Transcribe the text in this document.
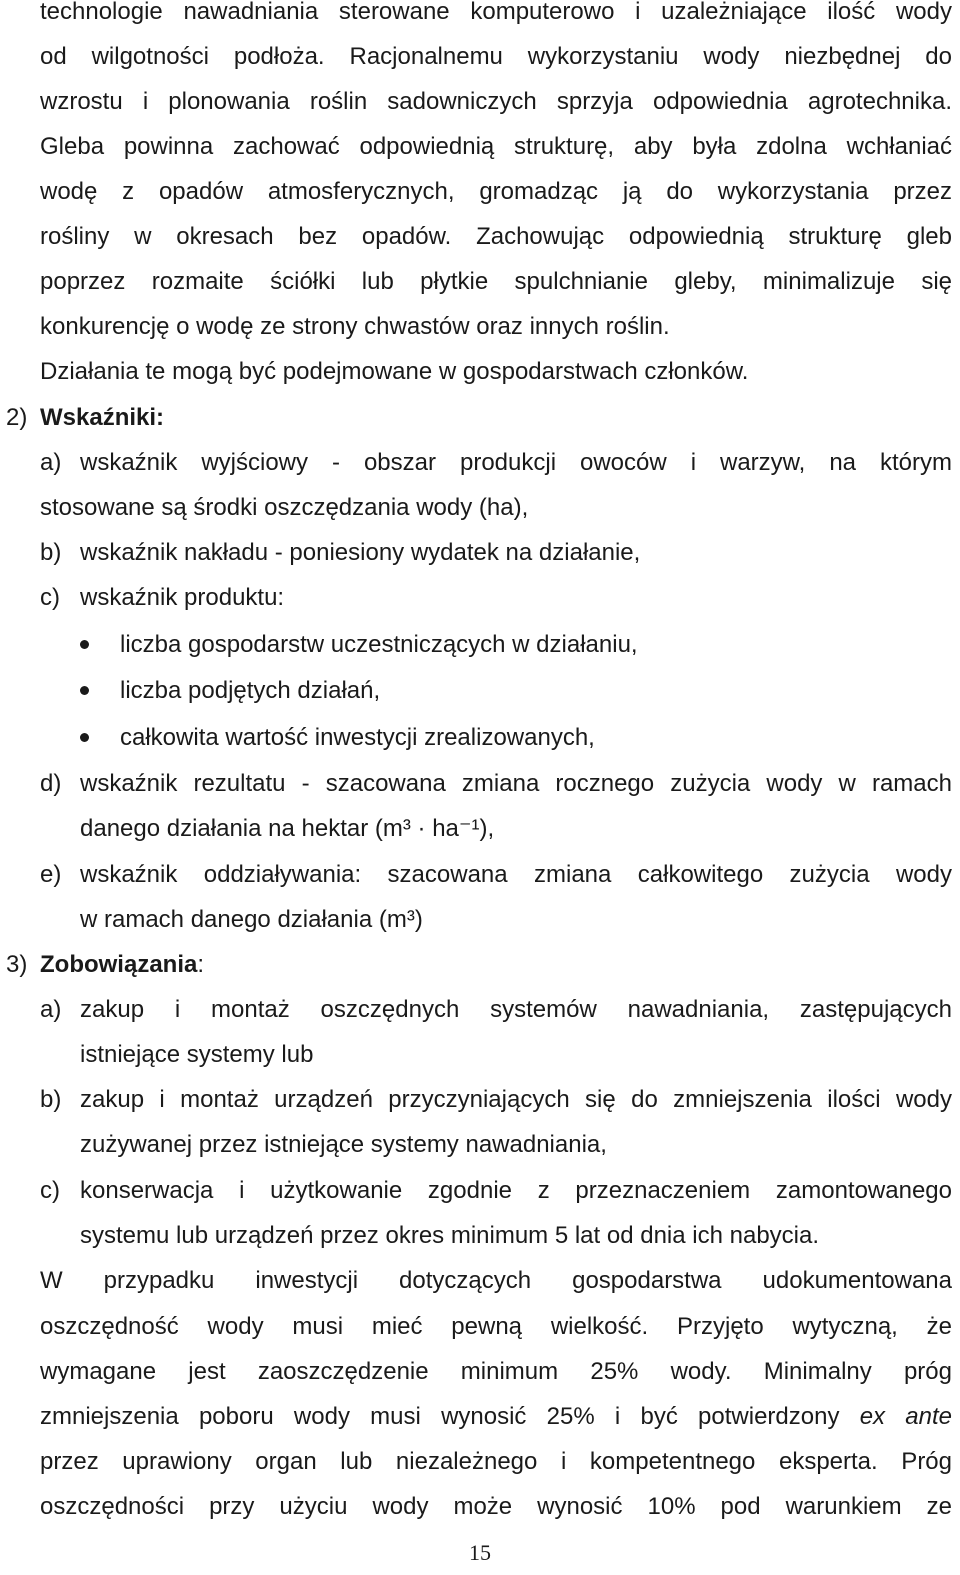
technologie nawadniania sterowane komputerowo i uzależniające ilość wody
od wilgotności podłoża. Racjonalnemu wykorzystaniu wody niezbędnej do
wzrostu i plonowania roślin sadowniczych sprzyja odpowiednia agrotechnika.
Gleba powinna zachować odpowiednią strukturę, aby była zdolna wchłaniać
wodę z opadów atmosferycznych, gromadząc ją do wykorzystania przez
rośliny w okresach bez opadów. Zachowując odpowiednią strukturę gleb
poprzez rozmaite ściółki lub płytkie spulchnianie gleby, minimalizuje się
konkurencję o wodę ze strony chwastów oraz innych roślin.
Działania te mogą być podejmowane w gospodarstwach członków.
2) Wskaźniki:
a) wskaźnik wyjściowy - obszar produkcji owoców i warzyw, na którym
stosowane są środki oszczędzania wody (ha),
b) wskaźnik nakładu - poniesiony wydatek na działanie,
c) wskaźnik produktu:
liczba gospodarstw uczestniczących w działaniu,
liczba podjętych działań,
całkowita wartość inwestycji zrealizowanych,
d) wskaźnik rezultatu - szacowana zmiana rocznego zużycia wody w ramach
danego działania na hektar (m³ · ha⁻¹),
e) wskaźnik oddziaływania: szacowana zmiana całkowitego zużycia wody
w ramach danego działania (m³)
3) Zobowiązania:
a) zakup i montaż oszczędnych systemów nawadniania, zastępujących
istniejące systemy lub
b) zakup i montaż urządzeń przyczyniających się do zmniejszenia ilości wody
zużywanej przez istniejące systemy nawadniania,
c) konserwacja i użytkowanie zgodnie z przeznaczeniem zamontowanego
systemu lub urządzeń przez okres minimum 5 lat od dnia ich nabycia.
W przypadku inwestycji dotyczących gospodarstwa udokumentowana
oszczędność wody musi mieć pewną wielkość. Przyjęto wytyczną, że
wymagane jest zaoszczędzenie minimum 25% wody. Minimalny próg
zmniejszenia poboru wody musi wynosić 25% i być potwierdzony ex ante
przez uprawiony organ lub niezależnego i kompetentnego eksperta. Próg
oszczędności przy użyciu wody może wynosić 10% pod warunkiem ze
15
